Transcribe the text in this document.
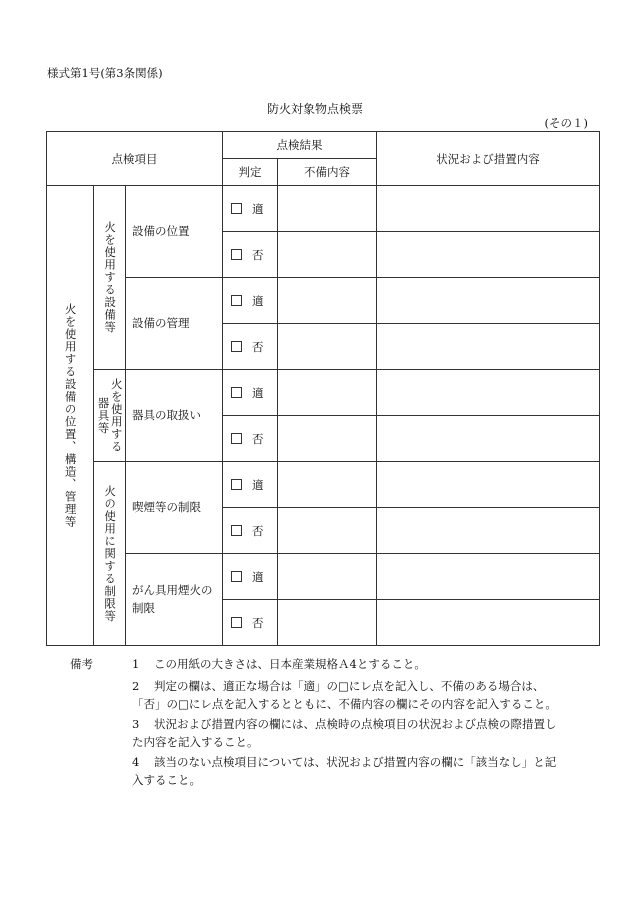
様式第1号(第3条関係)
防火対象物点検票
(その１)
点検項目			点検結果		状況および措置内容
			判定	不備内容	

火を使用する設備の位置、構造、管理等	火を使用する設備等	設備の位置	適		
			否		
		設備の管理	適		
			否		

	火を使用する器具等	器具の取扱い	適		
			否		

	火の使用に関する制限等	喫煙等の制限	適		
			否		
		がん具用煙火の制限	適		
			否		
備考	1 この用紙の大きさは、日本産業規格Ａ4とすること。
2 判定の欄は、適正な場合は「適」の□にレ点を記入し、不備のある場合は、
「否」の□にレ点を記入するとともに、不備内容の欄にその内容を記入すること。
3 状況および措置内容の欄には、点検時の点検項目の状況および点検の際措置し
た内容を記入すること。
4 該当のない点検項目については、状況および措置内容の欄に「該当なし」と記
入すること。
